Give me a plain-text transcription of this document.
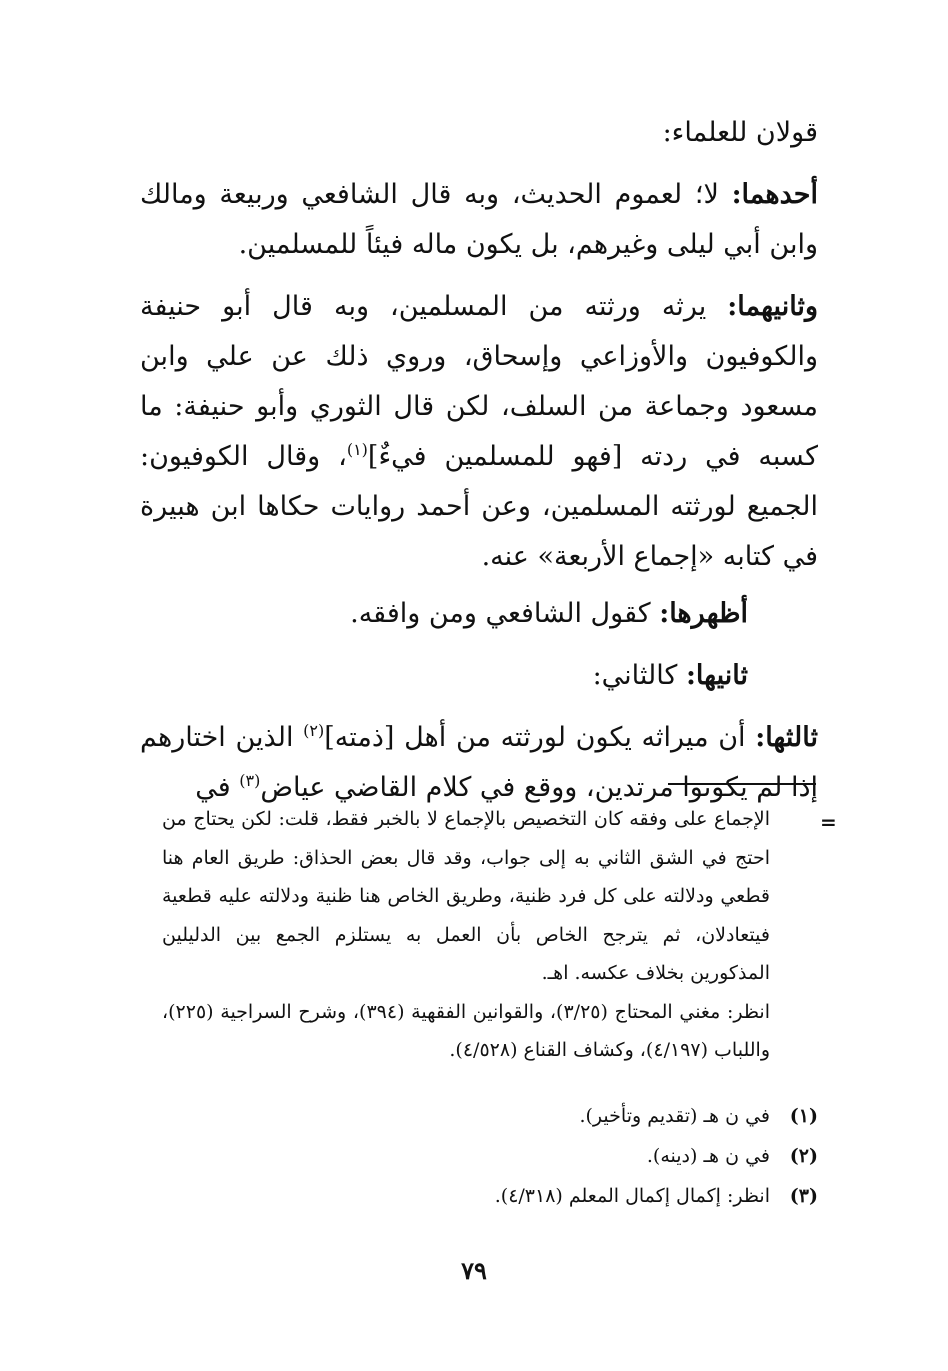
قولان للعلماء:

أحدهما: لا؛ لعموم الحديث، وبه قال الشافعي وربيعة ومالك وابن أبي ليلى وغيرهم، بل يكون ماله فيئاً للمسلمين.

وثانيهما: يرثه ورثته من المسلمين، وبه قال أبو حنيفة والكوفيون والأوزاعي وإسحاق، وروي ذلك عن علي وابن مسعود وجماعة من السلف، لكن قال الثوري وأبو حنيفة: ما كسبه في ردته [فهو للمسلمين فيءٌ]$^{(١)}$، وقال الكوفيون: الجميع لورثته المسلمين، وعن أحمد روايات حكاها ابن هبيرة في كتابه «إجماع الأربعة» عنه.

أظهرها: كقول الشافعي ومن وافقه.

ثانيها: كالثاني:

ثالثها: أن ميراثه يكون لورثته من أهل [ذمته]$^{(٢)}$ الذين اختارهم إذا لم يكونوا مرتدين، ووقع في كلام القاضي عياض$^{(٣)}$ في

=

الإجماع على وفقه كان التخصيص بالإجماع لا بالخبر فقط، قلت: لكن يحتاج من احتج في الشق الثاني به إلى جواب، وقد قال بعض الحذاق: طريق العام هنا قطعي ودلالته على كل فرد ظنية، وطريق الخاص هنا ظنية ودلالته عليه قطعية فيتعادلان، ثم يترجح الخاص بأن العمل به يستلزم الجمع بين الدليلين المذكورين بخلاف عكسه. اهـ.

انظر: مغني المحتاج (٣/٢٥)، والقوانين الفقهية (٣٩٤)، وشرح السراجية (٢٢٥)، واللباب (٤/١٩٧)، وكشاف القناع (٤/٥٢٨).

(١)
في ن هـ (تقديم وتأخير).
(٢)
في ن هـ (دينه).
(٣)
انظر: إكمال إكمال المعلم (٤/٣١٨).
٧٩
